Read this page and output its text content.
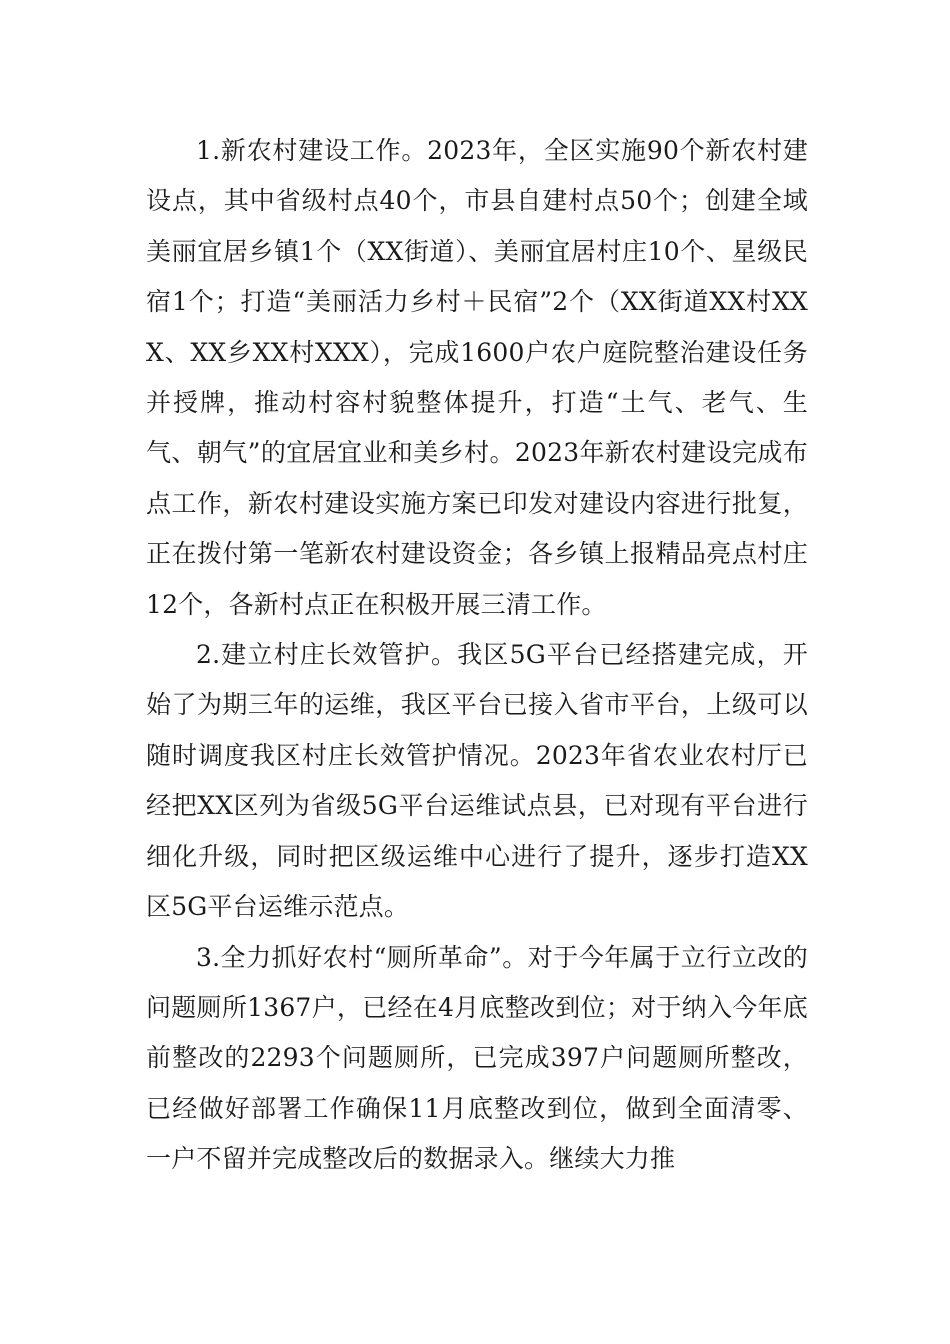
1.新农村建设工作。2023年，全区实施90个新农村建设点，其中省级村点40个，市县自建村点50个；创建全域美丽宜居乡镇1个（XX街道）、美丽宜居村庄10个、星级民宿1个；打造“美丽活力乡村＋民宿”2个（XX街道XX村XXX、XX乡XX村XXX），完成1600户农户庭院整治建设任务并授牌，推动村容村貌整体提升，打造“土气、老气、生气、朝气”的宜居宜业和美乡村。2023年新农村建设完成布点工作，新农村建设实施方案已印发对建设内容进行批复，正在拨付第一笔新农村建设资金；各乡镇上报精品亮点村庄12个，各新村点正在积极开展三清工作。

2.建立村庄长效管护。我区5G平台已经搭建完成，开始了为期三年的运维，我区平台已接入省市平台，上级可以随时调度我区村庄长效管护情况。2023年省农业农村厅已经把XX区列为省级5G平台运维试点县，已对现有平台进行细化升级，同时把区级运维中心进行了提升，逐步打造XX区5G平台运维示范点。

3.全力抓好农村“厕所革命”。对于今年属于立行立改的问题厕所1367户，已经在4月底整改到位；对于纳入今年底前整改的2293个问题厕所，已完成397户问题厕所整改，已经做好部署工作确保11月底整改到位，做到全面清零、一户不留并完成整改后的数据录入。继续大力推
